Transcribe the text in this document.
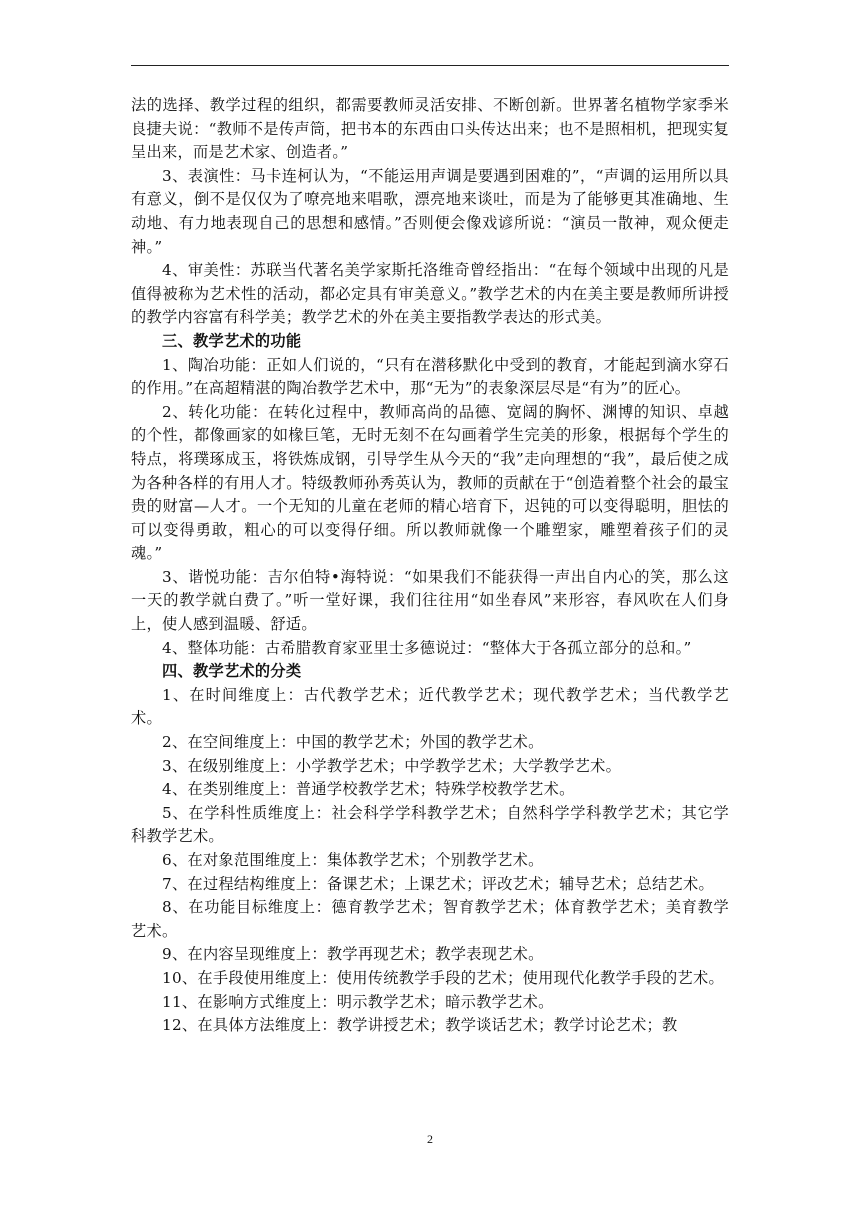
法的选择、教学过程的组织，都需要教师灵活安排、不断创新。世界著名植物学家季米良捷夫说：“教师不是传声筒，把书本的东西由口头传达出来；也不是照相机，把现实复呈出来，而是艺术家、创造者。”

3、表演性：马卡连柯认为，“不能运用声调是要遇到困难的”，“声调的运用所以具有意义，倒不是仅仅为了嘹亮地来唱歌，漂亮地来谈吐，而是为了能够更其准确地、生动地、有力地表现自己的思想和感情。”否则便会像戏谚所说：“演员一散神，观众便走神。”

4、审美性：苏联当代著名美学家斯托洛维奇曾经指出：“在每个领域中出现的凡是值得被称为艺术性的活动，都必定具有审美意义。”教学艺术的内在美主要是教师所讲授的教学内容富有科学美；教学艺术的外在美主要指教学表达的形式美。

三、教学艺术的功能

1、陶冶功能：正如人们说的，“只有在潜移默化中受到的教育，才能起到滴水穿石的作用。”在高超精湛的陶冶教学艺术中，那“无为”的表象深层尽是“有为”的匠心。

2、转化功能：在转化过程中，教师高尚的品德、宽阔的胸怀、渊博的知识、卓越的个性，都像画家的如椽巨笔，无时无刻不在勾画着学生完美的形象，根据每个学生的特点，将璞琢成玉，将铁炼成钢，引导学生从今天的“我”走向理想的“我”，最后使之成为各种各样的有用人才。特级教师孙秀英认为，教师的贡献在于“创造着整个社会的最宝贵的财富—人才。一个无知的儿童在老师的精心培育下，迟钝的可以变得聪明，胆怯的可以变得勇敢，粗心的可以变得仔细。所以教师就像一个雕塑家，雕塑着孩子们的灵魂。”

3、谐悦功能：吉尔伯特•海特说：“如果我们不能获得一声出自内心的笑，那么这一天的教学就白费了。”听一堂好课，我们往往用“如坐春风”来形容，春风吹在人们身上，使人感到温暖、舒适。

4、整体功能：古希腊教育家亚里士多德说过：“整体大于各孤立部分的总和。”

四、教学艺术的分类

1、在时间维度上：古代教学艺术；近代教学艺术；现代教学艺术；当代教学艺术。

2、在空间维度上：中国的教学艺术；外国的教学艺术。

3、在级别维度上：小学教学艺术；中学教学艺术；大学教学艺术。

4、在类别维度上：普通学校教学艺术；特殊学校教学艺术。

5、在学科性质维度上：社会科学学科教学艺术；自然科学学科教学艺术；其它学科教学艺术。

6、在对象范围维度上：集体教学艺术；个别教学艺术。

7、在过程结构维度上：备课艺术；上课艺术；评改艺术；辅导艺术；总结艺术。

8、在功能目标维度上：德育教学艺术；智育教学艺术；体育教学艺术；美育教学艺术。

9、在内容呈现维度上：教学再现艺术；教学表现艺术。

10、在手段使用维度上：使用传统教学手段的艺术；使用现代化教学手段的艺术。

11、在影响方式维度上：明示教学艺术；暗示教学艺术。

12、在具体方法维度上：教学讲授艺术；教学谈话艺术；教学讨论艺术；教

2
